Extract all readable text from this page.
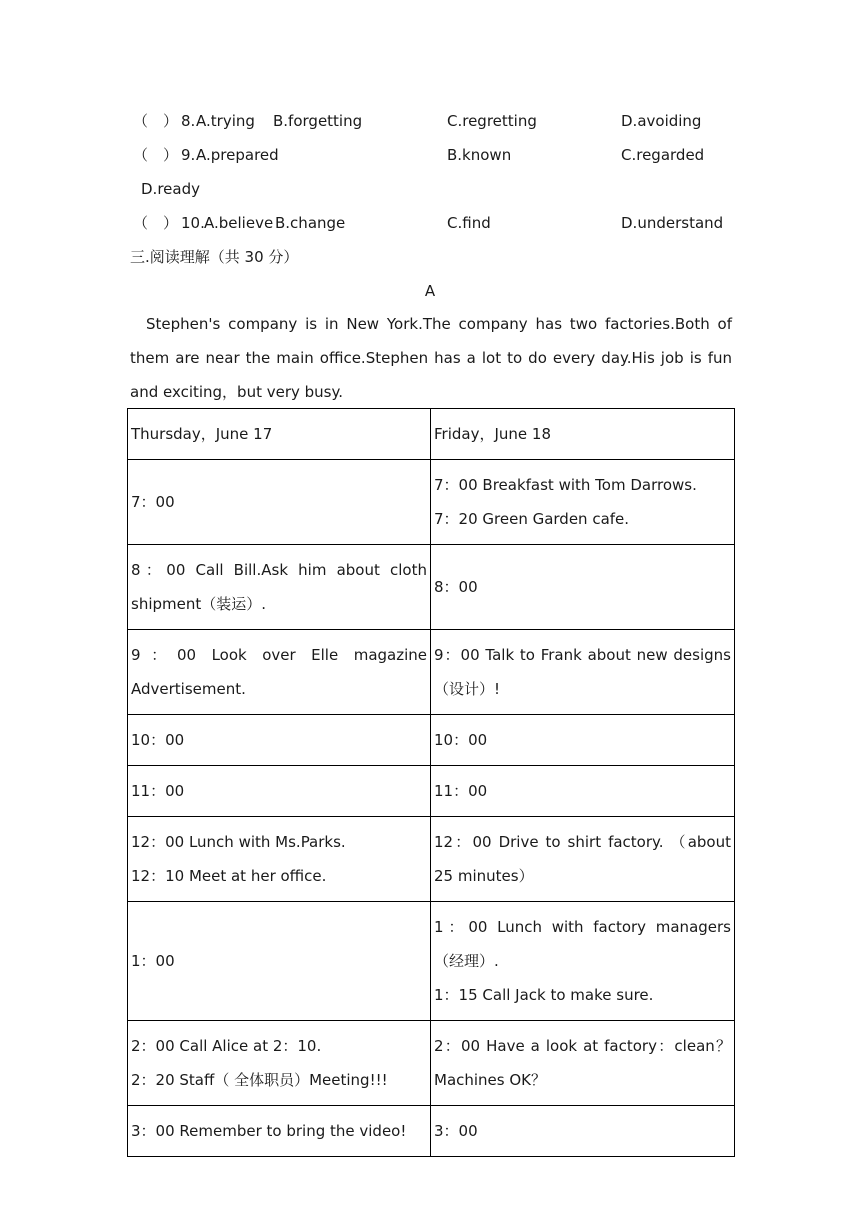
（　） 8. A.trying B.forgetting	C.regretting	D.avoiding
（　） 9. A.prepared	B.known	C.regarded
D.ready
（　） 10. A.believe B.change	C.find	D.understand
三.阅读理解（共 30 分）
A

Stephen's company is in New York.The company has two factories.Both of them are near the main office.Stephen has a lot to do every day.His job is fun and exciting，but very busy.

Thursday，June 17	Friday，June 18

7：00	7：00 Breakfast with Tom Darrows.
7：20 Green Garden cafe.

8：00 Call Bill.Ask him about cloth shipment（装运）.	8：00

9：00 Look over Elle magazine Advertisement.	9：00 Talk to Frank about new designs（设计）!

10：00	10：00

11：00	11：00

12：00 Lunch with Ms.Parks.
12：10 Meet at her office.	12：00 Drive to shirt factory. （about 25 minutes）

1：00	1：00 Lunch with factory managers（经理）.
1：15 Call Jack to make sure.

2：00 Call Alice at 2：10.
2：20 Staff（ 全体职员）Meeting!!!	2：00 Have a look at factory：clean？Machines OK？

3：00 Remember to bring the video!	3：00
